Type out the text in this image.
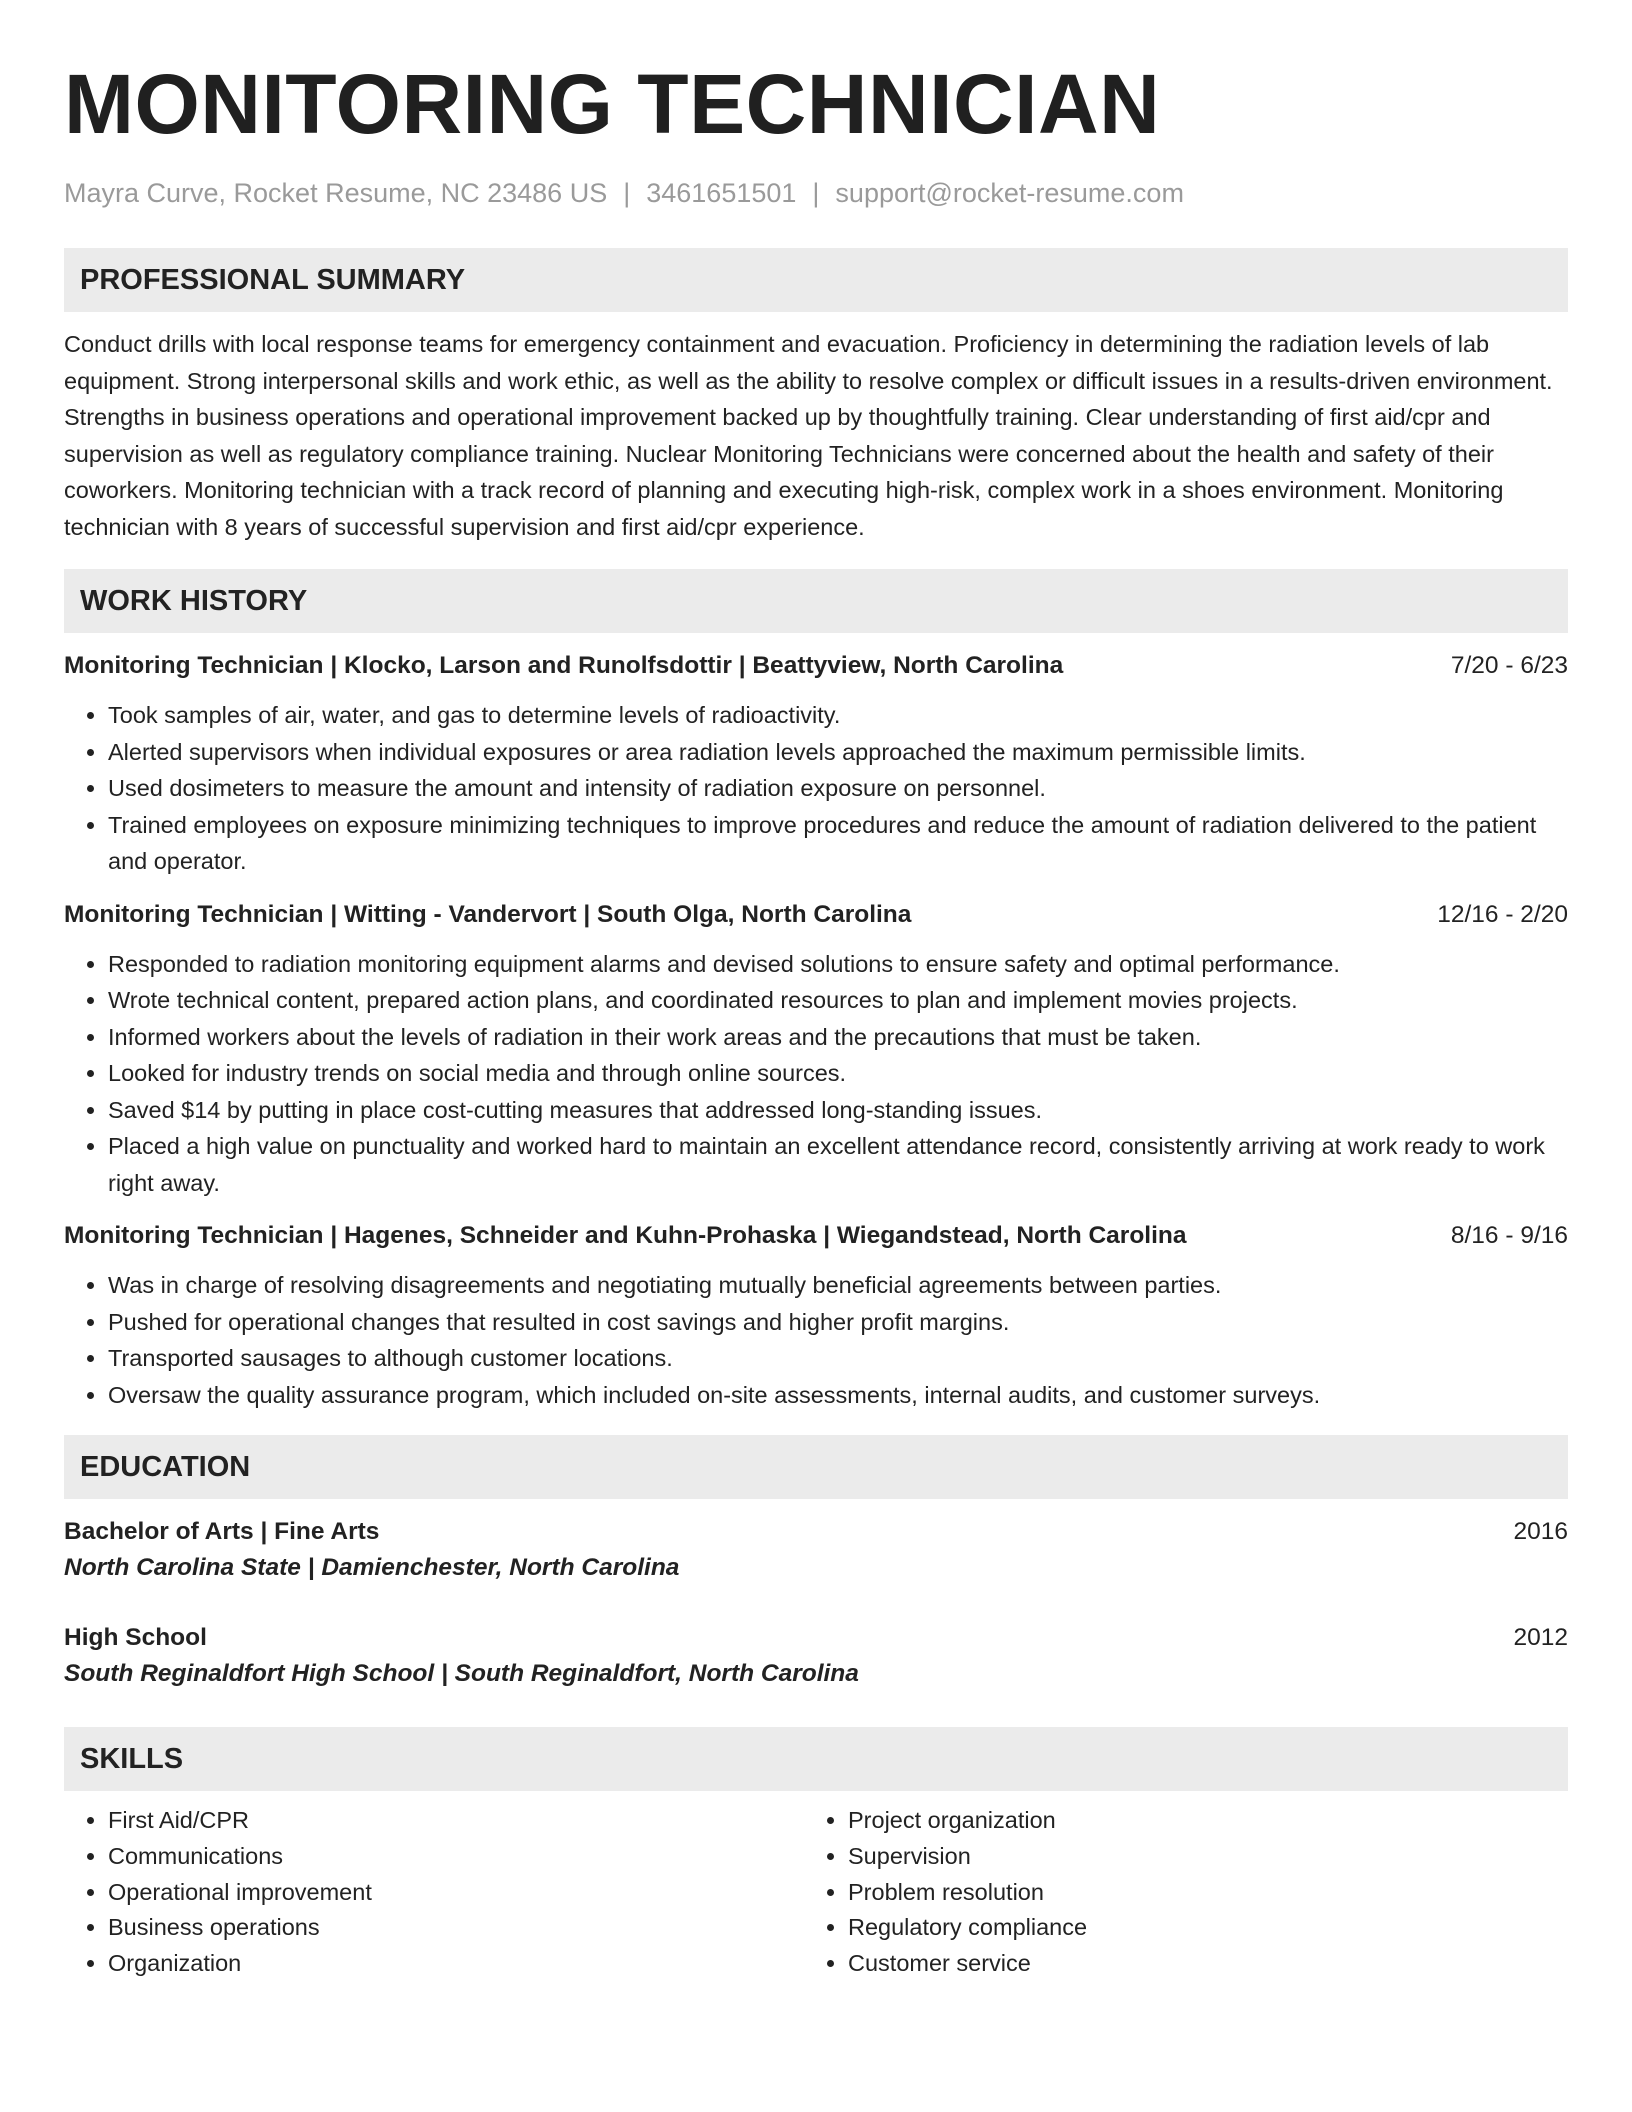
MONITORING TECHNICIAN
Mayra Curve, Rocket Resume, NC 23486 US | 3461651501 | support@rocket-resume.com
PROFESSIONAL SUMMARY
Conduct drills with local response teams for emergency containment and evacuation. Proficiency in determining the radiation levels of lab equipment. Strong interpersonal skills and work ethic, as well as the ability to resolve complex or difficult issues in a results-driven environment. Strengths in business operations and operational improvement backed up by thoughtfully training. Clear understanding of first aid/cpr and supervision as well as regulatory compliance training. Nuclear Monitoring Technicians were concerned about the health and safety of their coworkers. Monitoring technician with a track record of planning and executing high-risk, complex work in a shoes environment. Monitoring technician with 8 years of successful supervision and first aid/cpr experience.
WORK HISTORY
Monitoring Technician | Klocko, Larson and Runolfsdottir | Beattyview, North Carolina	7/20 - 6/23
• Took samples of air, water, and gas to determine levels of radioactivity.
• Alerted supervisors when individual exposures or area radiation levels approached the maximum permissible limits.
• Used dosimeters to measure the amount and intensity of radiation exposure on personnel.
• Trained employees on exposure minimizing techniques to improve procedures and reduce the amount of radiation delivered to the patient and operator.
Monitoring Technician | Witting - Vandervort | South Olga, North Carolina	12/16 - 2/20
• Responded to radiation monitoring equipment alarms and devised solutions to ensure safety and optimal performance.
• Wrote technical content, prepared action plans, and coordinated resources to plan and implement movies projects.
• Informed workers about the levels of radiation in their work areas and the precautions that must be taken.
• Looked for industry trends on social media and through online sources.
• Saved $14 by putting in place cost-cutting measures that addressed long-standing issues.
• Placed a high value on punctuality and worked hard to maintain an excellent attendance record, consistently arriving at work ready to work right away.
Monitoring Technician | Hagenes, Schneider and Kuhn-Prohaska | Wiegandstead, North Carolina	8/16 - 9/16
• Was in charge of resolving disagreements and negotiating mutually beneficial agreements between parties.
• Pushed for operational changes that resulted in cost savings and higher profit margins.
• Transported sausages to although customer locations.
• Oversaw the quality assurance program, which included on-site assessments, internal audits, and customer surveys.
EDUCATION
Bachelor of Arts | Fine Arts	2016
North Carolina State | Damienchester, North Carolina
High School	2012
South Reginaldfort High School | South Reginaldfort, North Carolina
SKILLS
• First Aid/CPR
• Communications
• Operational improvement
• Business operations
• Organization
• Project organization
• Supervision
• Problem resolution
• Regulatory compliance
• Customer service
